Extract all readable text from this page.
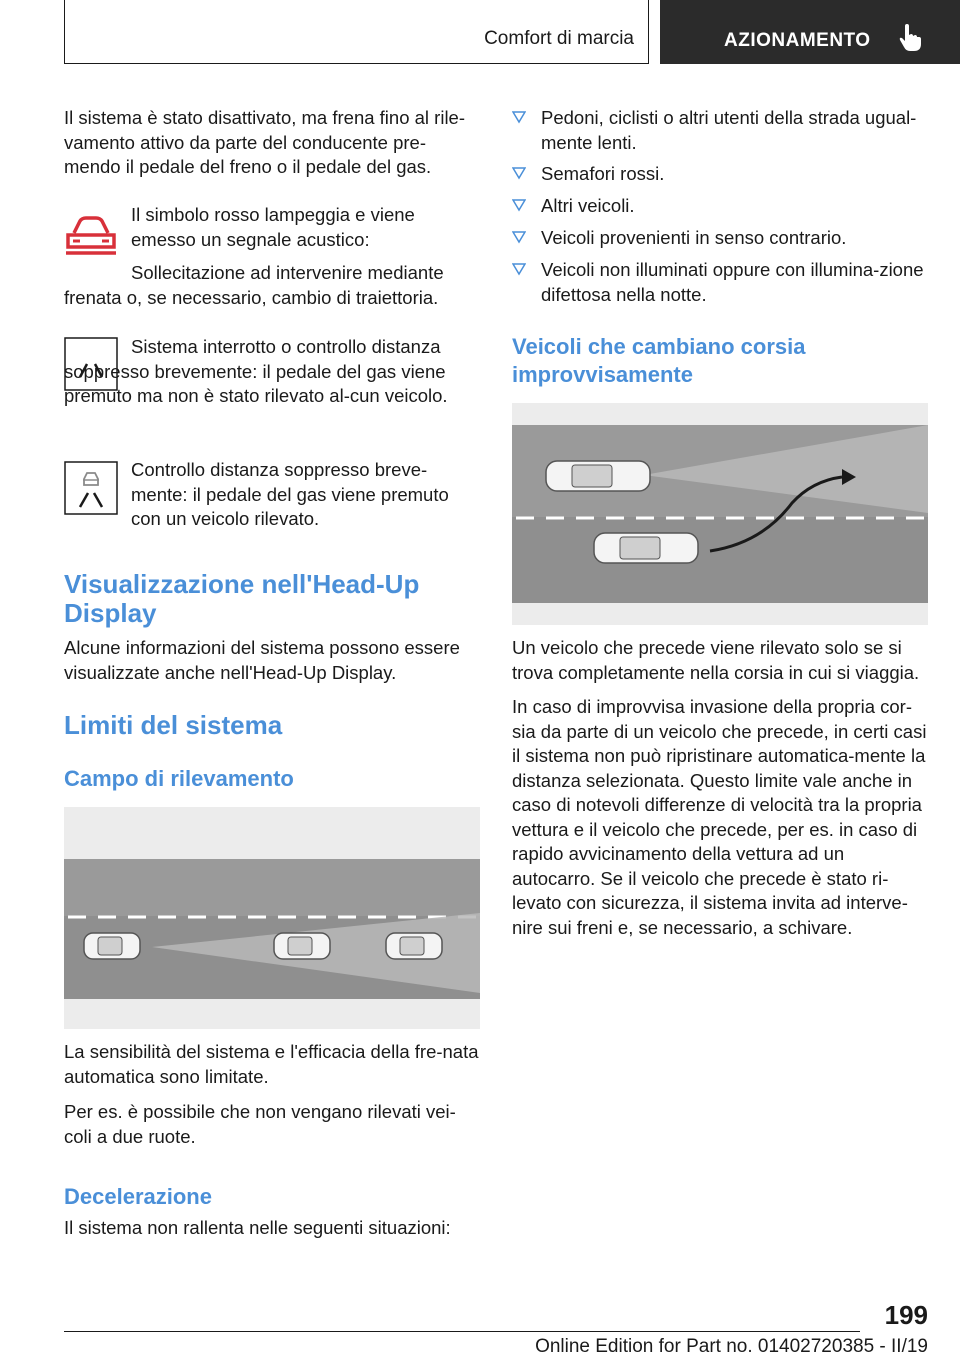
Comfort di marcia	AZIONAMENTO

Il sistema è stato disattivato, ma frena fino al rile-vamento attivo da parte del conducente pre-mendo il pedale del freno o il pedale del gas.

Il simbolo rosso lampeggia e viene emesso un segnale acustico:

Sollecitazione ad intervenire mediante frenata o, se necessario, cambio di traiettoria.

Sistema interrotto o controllo distanza soppresso brevemente: il pedale del gas viene premuto ma non è stato rilevato al-cun veicolo.

Controllo distanza soppresso breve-mente: il pedale del gas viene premuto con un veicolo rilevato.

Visualizzazione nell'Head-Up Display

Alcune informazioni del sistema possono essere visualizzate anche nell'Head-Up Display.

Limiti del sistema
Campo di rilevamento

La sensibilità del sistema e l'efficacia della fre-nata automatica sono limitate.

Per es. è possibile che non vengano rilevati vei-coli a due ruote.

Decelerazione

Il sistema non rallenta nelle seguenti situazioni:

Pedoni, ciclisti o altri utenti della strada ugual-mente lenti.

Semafori rossi.

Altri veicoli.

Veicoli provenienti in senso contrario.

Veicoli non illuminati oppure con illumina-zione difettosa nella notte.

Veicoli che cambiano corsia improvvisamente

Un veicolo che precede viene rilevato solo se si trova completamente nella corsia in cui si viaggia.

In caso di improvvisa invasione della propria cor-sia da parte di un veicolo che precede, in certi casi il sistema non può ripristinare automatica-mente la distanza selezionata. Questo limite vale anche in caso di notevoli differenze di velocità tra la propria vettura e il veicolo che precede, per es. in caso di rapido avvicinamento della vettura ad un autocarro. Se il veicolo che precede è stato ri-levato con sicurezza, il sistema invita ad interve-nire sui freni e, se necessario, a schivare.

199
Online Edition for Part no. 01402720385 - II/19
